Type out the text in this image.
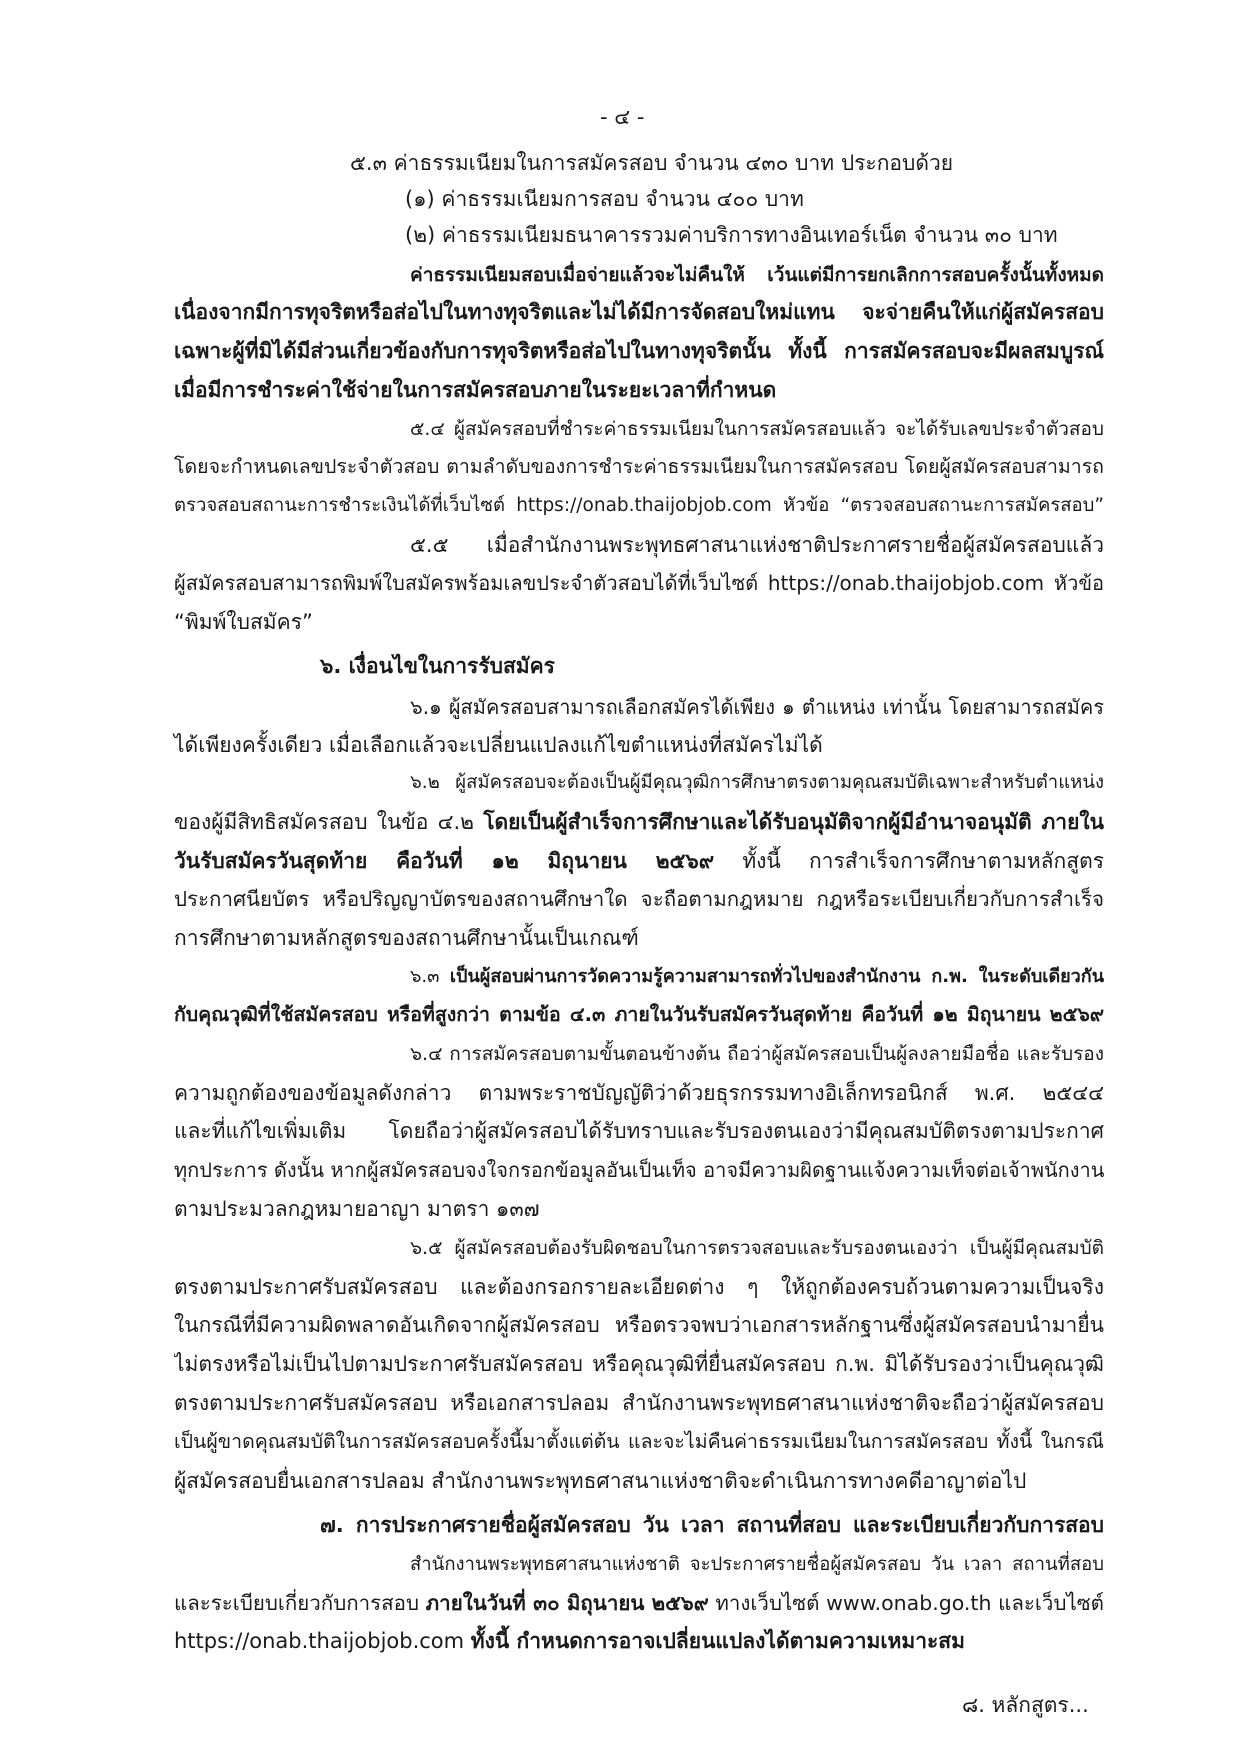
- ๔ -
๕.๓ ค่าธรรมเนียมในการสมัครสอบ จำนวน ๔๓๐ บาท ประกอบด้วย
(๑) ค่าธรรมเนียมการสอบ จำนวน ๔๐๐ บาท
(๒) ค่าธรรมเนียมธนาคารรวมค่าบริการทางอินเทอร์เน็ต จำนวน ๓๐ บาท
ค่าธรรมเนียมสอบเมื่อจ่ายแล้วจะไม่คืนให้ เว้นแต่มีการยกเลิกการสอบครั้งนั้นทั้งหมด
เนื่องจากมีการทุจริตหรือส่อไปในทางทุจริตและไม่ได้มีการจัดสอบใหม่แทน จะจ่ายคืนให้แก่ผู้สมัครสอบ
เฉพาะผู้ที่มิได้มีส่วนเกี่ยวข้องกับการทุจริตหรือส่อไปในทางทุจริตนั้น ทั้งนี้ การสมัครสอบจะมีผลสมบูรณ์
เมื่อมีการชำระค่าใช้จ่ายในการสมัครสอบภายในระยะเวลาที่กำหนด
๕.๔ ผู้สมัครสอบที่ชำระค่าธรรมเนียมในการสมัครสอบแล้ว จะได้รับเลขประจำตัวสอบ
โดยจะกำหนดเลขประจำตัวสอบ ตามลำดับของการชำระค่าธรรมเนียมในการสมัครสอบ โดยผู้สมัครสอบสามารถ
ตรวจสอบสถานะการชำระเงินได้ที่เว็บไซต์ https://onab.thaijobjob.com หัวข้อ “ตรวจสอบสถานะการสมัครสอบ”
๕.๕ เมื่อสำนักงานพระพุทธศาสนาแห่งชาติประกาศรายชื่อผู้สมัครสอบแล้ว
ผู้สมัครสอบสามารถพิมพ์ใบสมัครพร้อมเลขประจำตัวสอบได้ที่เว็บไซต์ https://onab.thaijobjob.com หัวข้อ
“พิมพ์ใบสมัคร”
๖. เงื่อนไขในการรับสมัคร
๖.๑ ผู้สมัครสอบสามารถเลือกสมัครได้เพียง ๑ ตำแหน่ง เท่านั้น โดยสามารถสมัคร
ได้เพียงครั้งเดียว เมื่อเลือกแล้วจะเปลี่ยนแปลงแก้ไขตำแหน่งที่สมัครไม่ได้
๖.๒ ผู้สมัครสอบจะต้องเป็นผู้มีคุณวุฒิการศึกษาตรงตามคุณสมบัติเฉพาะสำหรับตำแหน่ง
ของผู้มีสิทธิสมัครสอบ ในข้อ ๔.๒ โดยเป็นผู้สำเร็จการศึกษาและได้รับอนุมัติจากผู้มีอำนาจอนุมัติ ภายใน
วันรับสมัครวันสุดท้าย คือวันที่ ๑๒ มิถุนายน ๒๕๖๙ ทั้งนี้ การสำเร็จการศึกษาตามหลักสูตร
ประกาศนียบัตร หรือปริญญาบัตรของสถานศึกษาใด จะถือตามกฎหมาย กฎหรือระเบียบเกี่ยวกับการสำเร็จ
การศึกษาตามหลักสูตรของสถานศึกษานั้นเป็นเกณฑ์
๖.๓ เป็นผู้สอบผ่านการวัดความรู้ความสามารถทั่วไปของสำนักงาน ก.พ. ในระดับเดียวกัน
กับคุณวุฒิที่ใช้สมัครสอบ หรือที่สูงกว่า ตามข้อ ๔.๓ ภายในวันรับสมัครวันสุดท้าย คือวันที่ ๑๒ มิถุนายน ๒๕๖๙
๖.๔ การสมัครสอบตามขั้นตอนข้างต้น ถือว่าผู้สมัครสอบเป็นผู้ลงลายมือชื่อ และรับรอง
ความถูกต้องของข้อมูลดังกล่าว ตามพระราชบัญญัติว่าด้วยธุรกรรมทางอิเล็กทรอนิกส์ พ.ศ. ๒๕๔๔
และที่แก้ไขเพิ่มเติม โดยถือว่าผู้สมัครสอบได้รับทราบและรับรองตนเองว่ามีคุณสมบัติตรงตามประกาศ
ทุกประการ ดังนั้น หากผู้สมัครสอบจงใจกรอกข้อมูลอันเป็นเท็จ อาจมีความผิดฐานแจ้งความเท็จต่อเจ้าพนักงาน
ตามประมวลกฎหมายอาญา มาตรา ๑๓๗
๖.๕ ผู้สมัครสอบต้องรับผิดชอบในการตรวจสอบและรับรองตนเองว่า เป็นผู้มีคุณสมบัติ
ตรงตามประกาศรับสมัครสอบ และต้องกรอกรายละเอียดต่าง ๆ ให้ถูกต้องครบถ้วนตามความเป็นจริง
ในกรณีที่มีความผิดพลาดอันเกิดจากผู้สมัครสอบ หรือตรวจพบว่าเอกสารหลักฐานซึ่งผู้สมัครสอบนำมายื่น
ไม่ตรงหรือไม่เป็นไปตามประกาศรับสมัครสอบ หรือคุณวุฒิที่ยื่นสมัครสอบ ก.พ. มิได้รับรองว่าเป็นคุณวุฒิ
ตรงตามประกาศรับสมัครสอบ หรือเอกสารปลอม สำนักงานพระพุทธศาสนาแห่งชาติจะถือว่าผู้สมัครสอบ
เป็นผู้ขาดคุณสมบัติในการสมัครสอบครั้งนี้มาตั้งแต่ต้น และจะไม่คืนค่าธรรมเนียมในการสมัครสอบ ทั้งนี้ ในกรณี
ผู้สมัครสอบยื่นเอกสารปลอม สำนักงานพระพุทธศาสนาแห่งชาติจะดำเนินการทางคดีอาญาต่อไป
๗. การประกาศรายชื่อผู้สมัครสอบ วัน เวลา สถานที่สอบ และระเบียบเกี่ยวกับการสอบ
สำนักงานพระพุทธศาสนาแห่งชาติ จะประกาศรายชื่อผู้สมัครสอบ วัน เวลา สถานที่สอบ
และระเบียบเกี่ยวกับการสอบ ภายในวันที่ ๓๐ มิถุนายน ๒๕๖๙ ทางเว็บไซต์ www.onab.go.th และเว็บไซต์
https://onab.thaijobjob.com ทั้งนี้ กำหนดการอาจเปลี่ยนแปลงได้ตามความเหมาะสม
๘. หลักสูตร...
